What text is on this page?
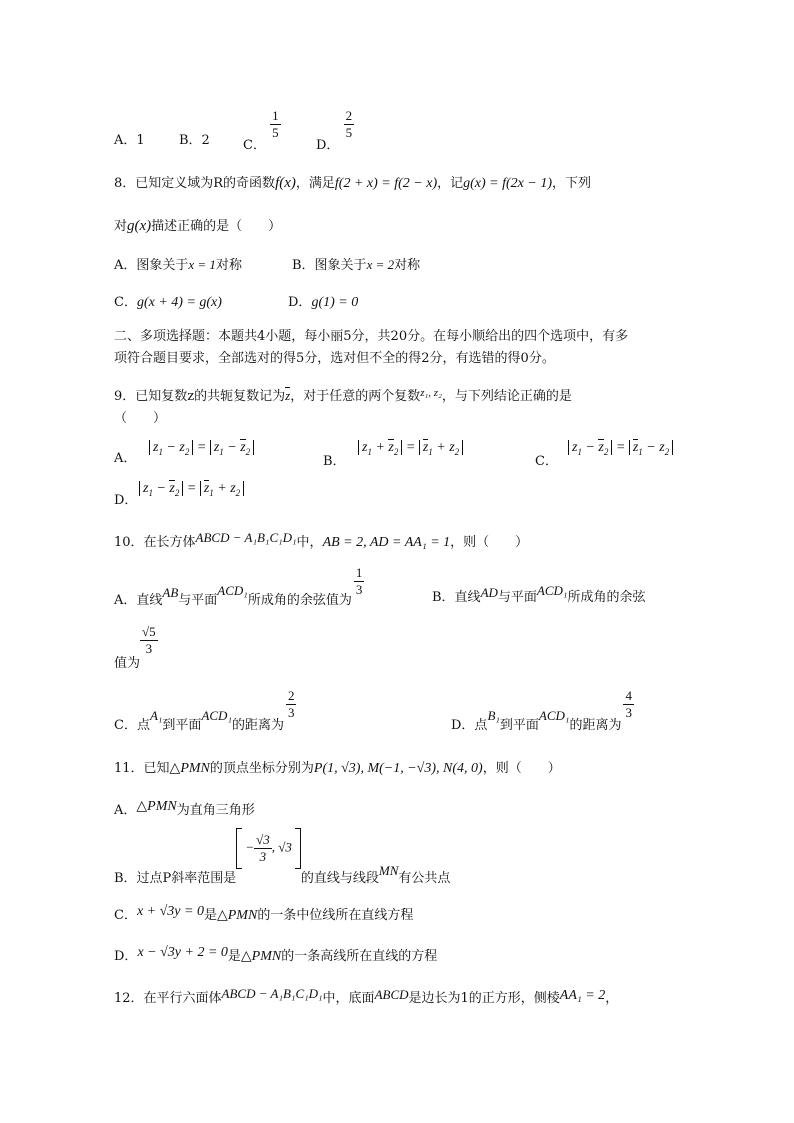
A．1	B．2	C．
$\frac{1}{5}$
D．
$\frac{2}{5}$
8．已知定义域为R的奇函数f(x)，满足f(2 + x) = f(2 − x)，记g(x) = f(2x − 1)，下列
对g(x)描述正确的是（　　）
A．图象关于x = 1对称	B．图象关于x = 2对称
C．g(x + 4) = g(x)	D．g(1) = 0
二、多项选择题：本题共4小题，每小丽5分，共20分。在每小顺给出的四个选项中，有多
项符合题目要求，全部选对的得5分，选对但不全的得2分，有选错的得0分。
9．已知复数z的共轭复数记为z，对于任意的两个复数$^{z_1, z_2}$，与下列结论正确的是
（　　）
A．
$z_1 - z_2 = z_1 - z_2$
B．
$z_1 + z_2 = z_1 + z_2$
C．
$z_1 - z_2 = z_1 - z_2$
D．
$z_1 - z_2 = z_1 + z_2$
10．在长方体ABCD − A₁B₁C₁D₁中，AB = 2, AD = AA₁ = 1，则（　　）
A．直线AB与平面ACD₁所成角的余弦值为
$\frac{1}{3}$	B．直线AD与平面ACD₁所成角的余弦
值为
$\frac{√5}{3}$
C．点A₁到平面ACD₁的距离为
$\frac{2}{3}$
D．点B₁到平面ACD₁的距离为
$\frac{4}{3}$
11．已知△PMN的顶点坐标分别为P(1, √3), M(−1, −√3), N(4, 0)，则（　　）
A．△PMN为直角三角形
B．过点P斜率范围是− $\frac{√3}{3}$ , √3的直线与线段MN有公共点
C．x + √3y = 0是△PMN的一条中位线所在直线方程
D．x − √3y + 2 = 0是△PMN的一条高线所在直线的方程
12．在平行六面体ABCD − A₁B₁C₁D₁中，底面ABCD是边长为1的正方形，侧棱AA₁ = 2，
